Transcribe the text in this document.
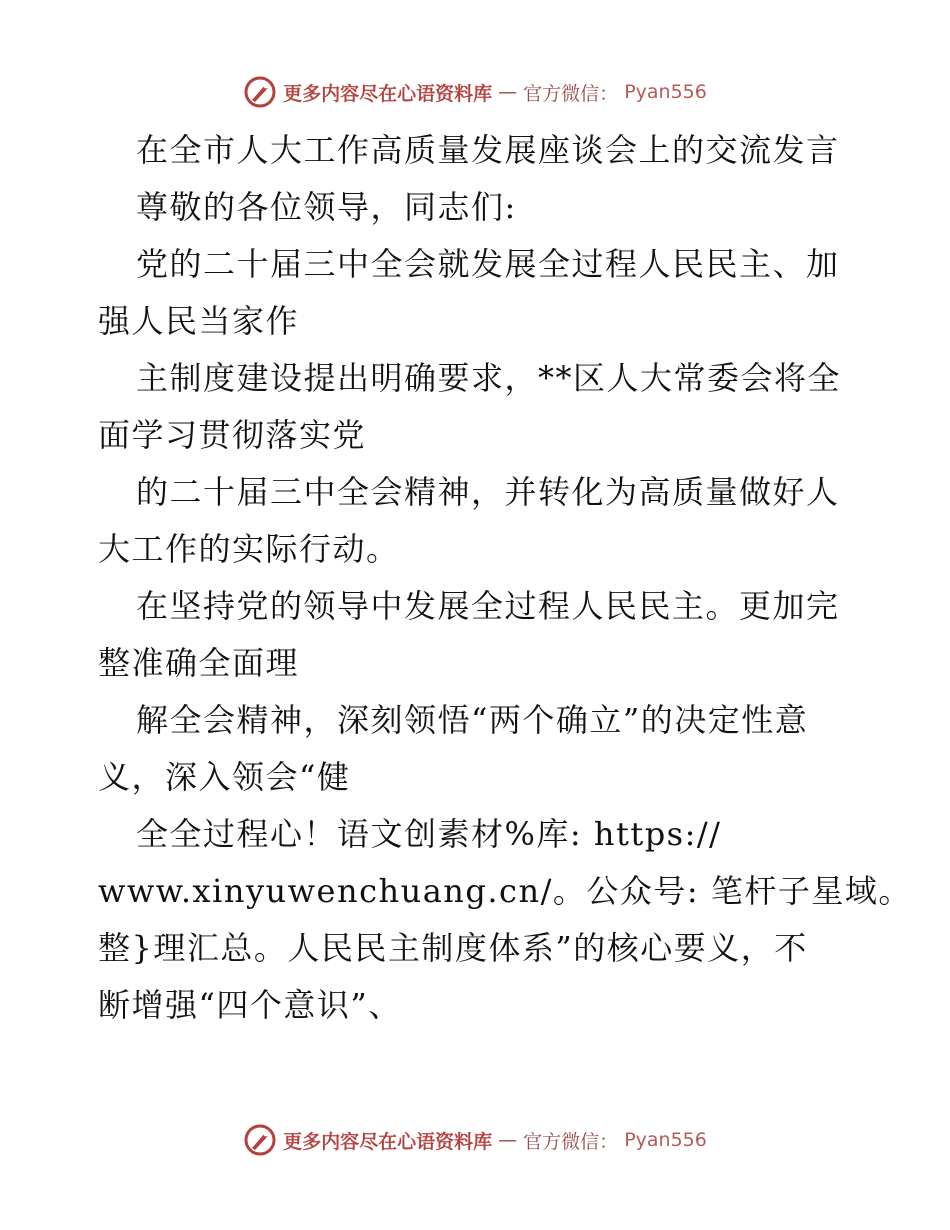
更多内容尽在心语资料库 — 官方微信： Pyan556
在全市人大工作高质量发展座谈会上的交流发言
尊敬的各位领导，同志们:
党的二十届三中全会就发展全过程人民民主、加
强人民当家作
主制度建设提出明确要求，**区人大常委会将全
面学习贯彻落实党
的二十届三中全会精神，并转化为高质量做好人
大工作的实际行动。
在坚持党的领导中发展全过程人民民主。更加完
整准确全面理
解全会精神，深刻领悟“两个确立”的决定性意
义，深入领会“健
全全过程心！语文创素材%库: https://
www.xinyuwenchuang.cn/。公众号: 笔杆子星域。
整}理汇总。人民民主制度体系”的核心要义，不
断增强“四个意识”、
更多内容尽在心语资料库 — 官方微信： Pyan556
